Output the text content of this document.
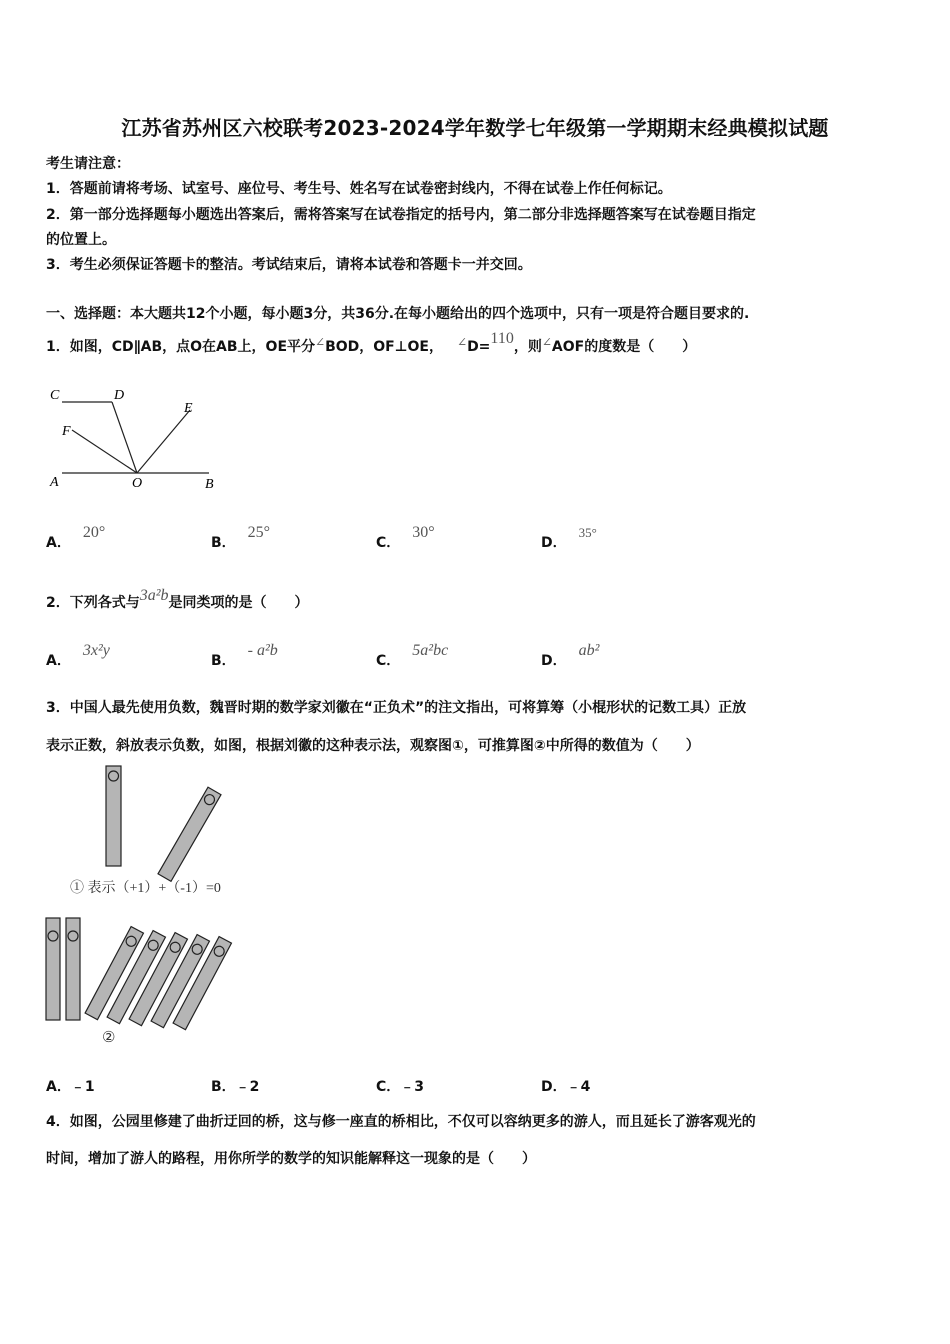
江苏省苏州区六校联考2023-2024学年数学七年级第一学期期末经典模拟试题
考生请注意：
1．答题前请将考场、试室号、座位号、考生号、姓名写在试卷密封线内，不得在试卷上作任何标记。
2．第一部分选择题每小题选出答案后，需将答案写在试卷指定的括号内，第二部分非选择题答案写在试卷题目指定
的位置上。
3．考生必须保证答题卡的整洁。考试结束后，请将本试卷和答题卡一并交回。
一、选择题：本大题共12个小题，每小题3分，共36分.在每小题给出的四个选项中，只有一项是符合题目要求的.
1．如图，CD∥AB，点O在AB上，OE平分∠BOD，OF⊥OE， ∠D=110，则∠AOF的度数是（　　）
C	D
E
F
A	O	B
A．20°
B．25°
C．30°
D．35°
2．下列各式与3a²b是同类项的是（　　）
A．3x²y
B．- a²b
C．5a²bc
D．ab²
3．中国人最先使用负数，魏晋时期的数学家刘徽在“正负术”的注文指出，可将算筹（小棍形状的记数工具）正放
表示正数，斜放表示负数，如图，根据刘徽的这种表示法，观察图①，可推算图②中所得的数值为（　　）
① 表示（+1）+（-1）=0
②
A．﹣1	B．﹣2	C．﹣3	D．﹣4
4．如图，公园里修建了曲折迂回的桥，这与修一座直的桥相比，不仅可以容纳更多的游人，而且延长了游客观光的
时间，增加了游人的路程，用你所学的数学的知识能解释这一现象的是（　　）
